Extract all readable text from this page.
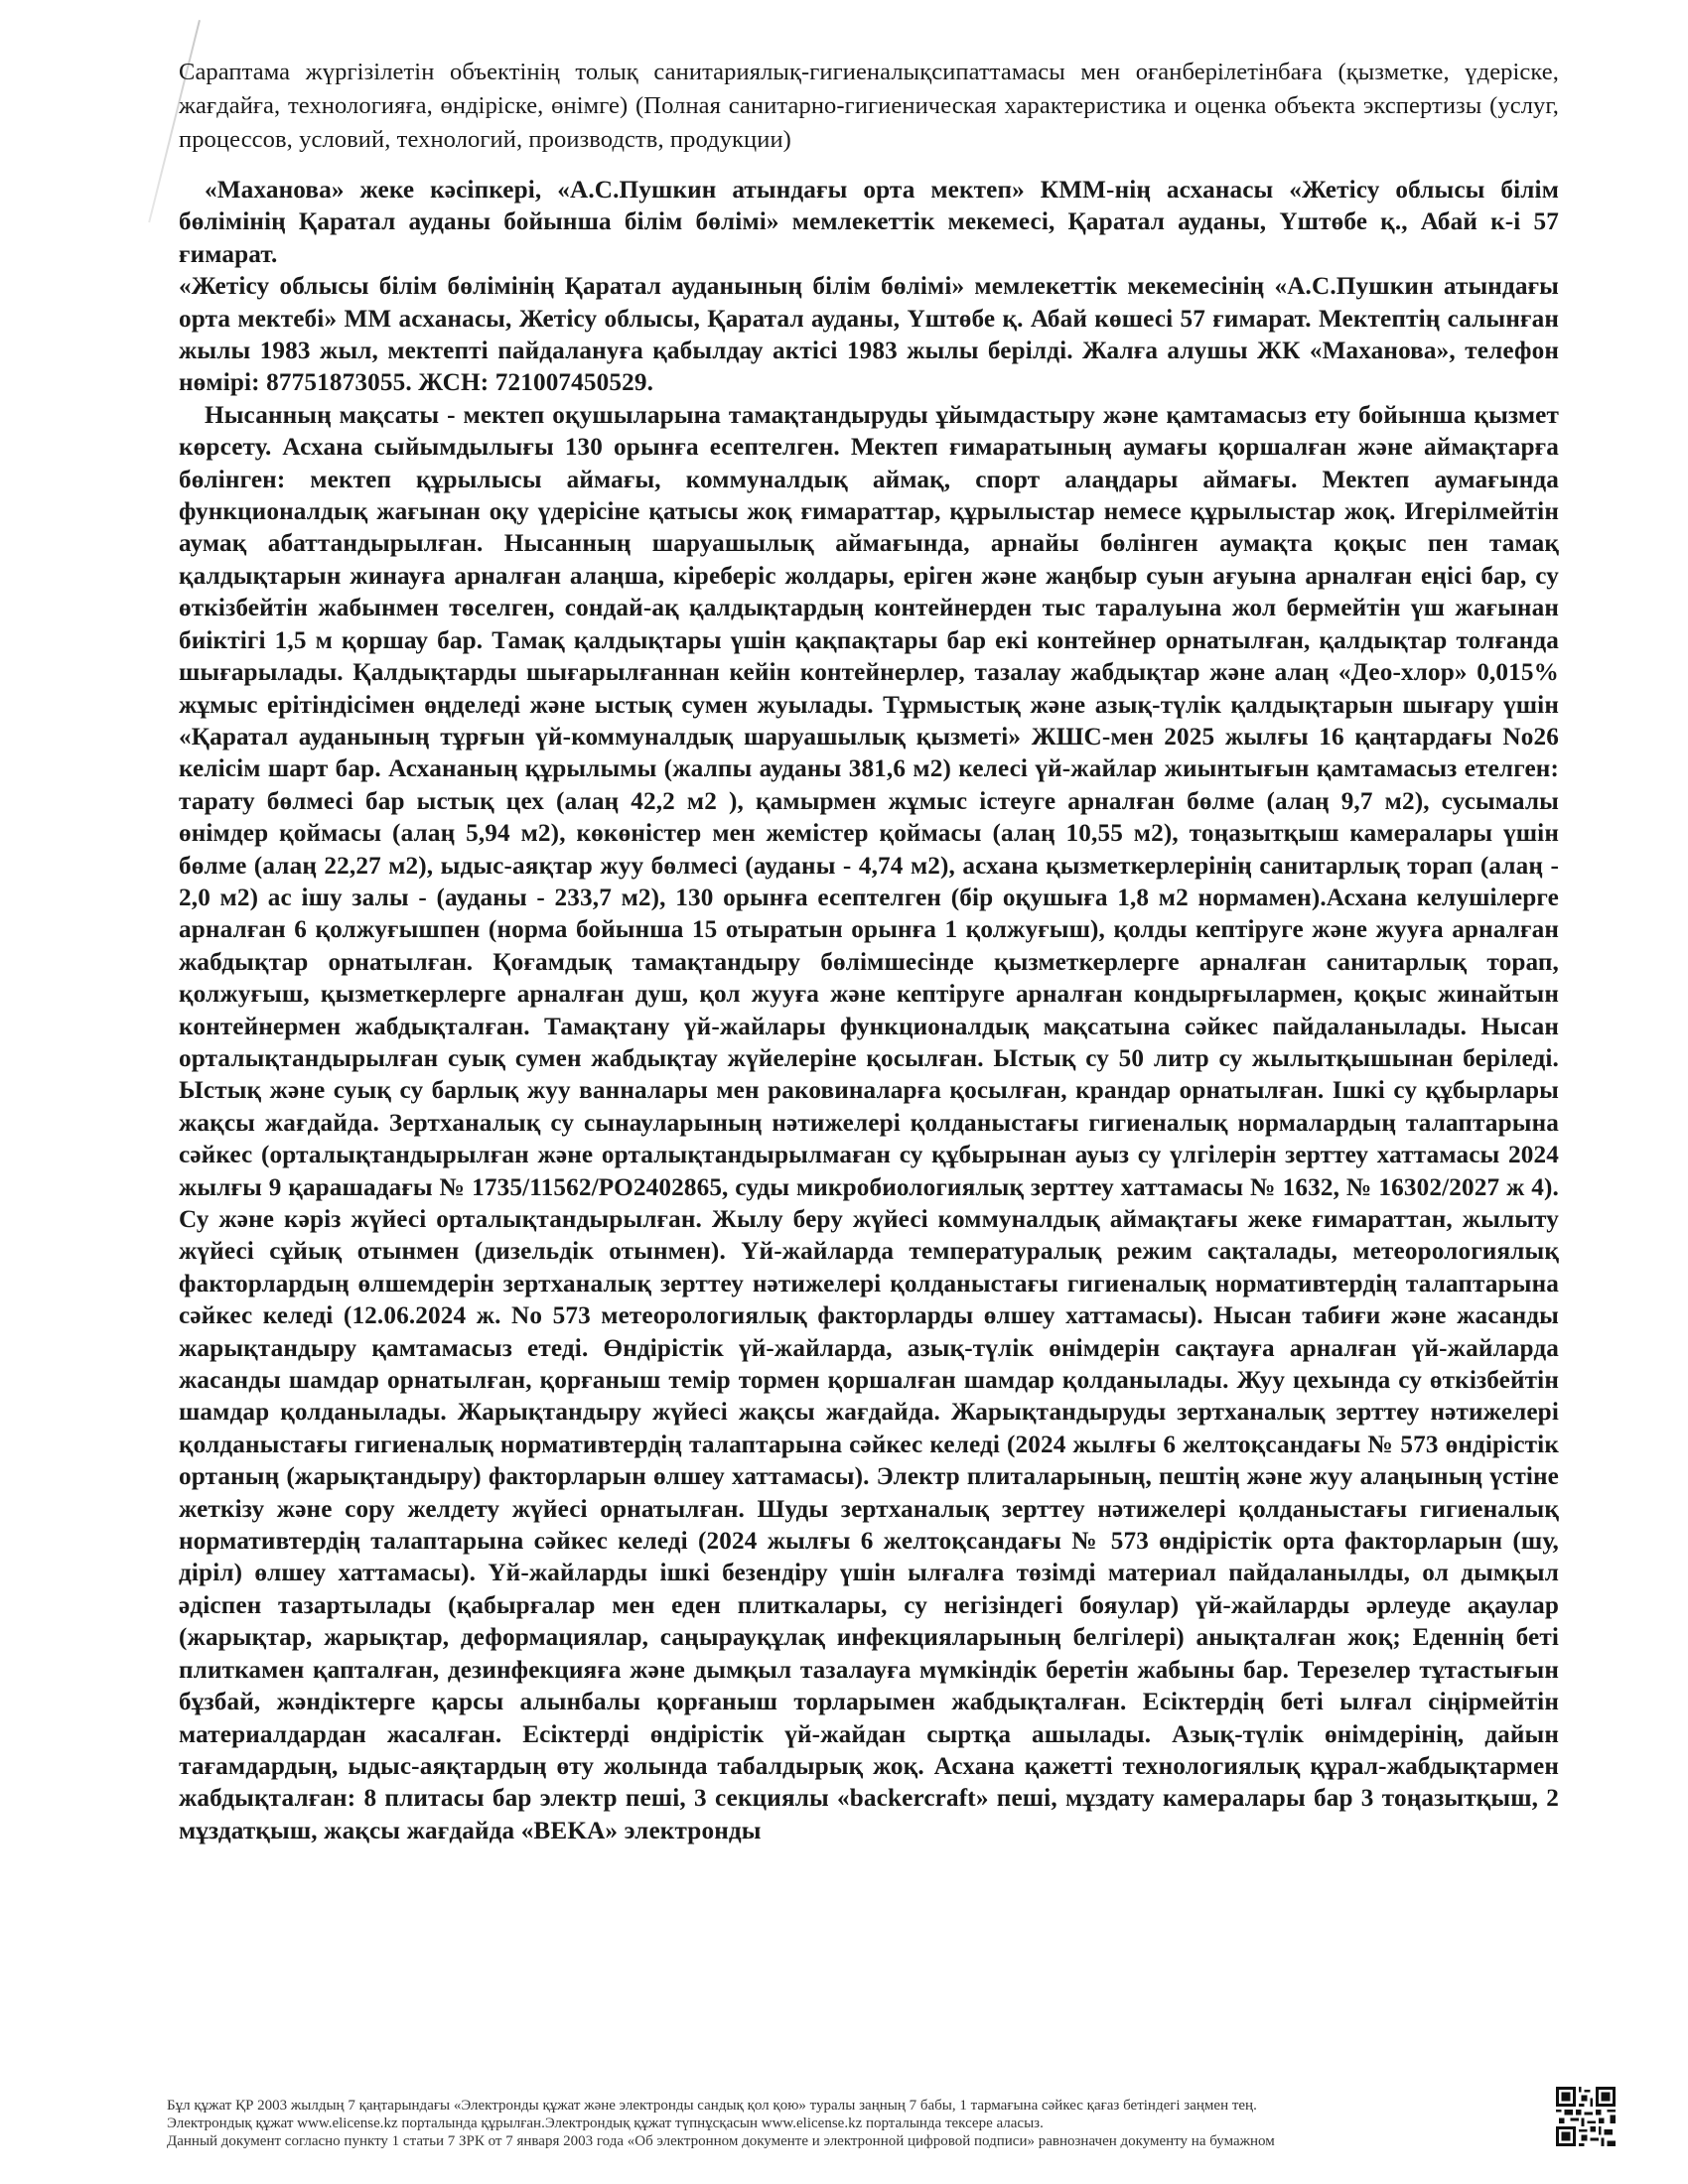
Сараптама жүргізілетін объектінің толық санитариялық-гигиеналықсипаттамасы мен оғанберілетінбаға (қызметке, үдеріске, жағдайға, технологияға, өндіріске, өнімге) (Полная санитарно-гигиеническая характеристика и оценка объекта экспертизы (услуг, процессов, условий, технологий, производств, продукции)

«Маханова» жеке кәсіпкері, «А.С.Пушкин атындағы орта мектеп» КММ-нің асханасы «Жетісу облысы білім бөлімінің Қаратал ауданы бойынша білім бөлімі» мемлекеттік мекемесі, Қаратал ауданы, Үштөбе қ., Абай к-і 57 ғимарат.

«Жетісу облысы білім бөлімінің Қаратал ауданының білім бөлімі» мемлекеттік мекемесінің «А.С.Пушкин атындағы орта мектебі» ММ асханасы, Жетісу облысы, Қаратал ауданы, Үштөбе қ. Абай көшесі 57 ғимарат. Мектептің салынған жылы 1983 жыл, мектепті пайдалануға қабылдау актісі 1983 жылы берілді. Жалға алушы ЖК «Маханова», телефон нөмірі: 87751873055. ЖСН: 721007450529.

Нысанның мақсаты - мектеп оқушыларына тамақтандыруды ұйымдастыру және қамтамасыз ету бойынша қызмет көрсету. Асхана сыйымдылығы 130 орынға есептелген. Мектеп ғимаратының аумағы қоршалған және аймақтарға бөлінген: мектеп құрылысы аймағы, коммуналдық аймақ, спорт алаңдары аймағы. Мектеп аумағында функционалдық жағынан оқу үдерісіне қатысы жоқ ғимараттар, құрылыстар немесе құрылыстар жоқ. Игерілмейтін аумақ абаттандырылған. Нысанның шаруашылық аймағында, арнайы бөлінген аумақта қоқыс пен тамақ қалдықтарын жинауға арналған алаңша, кіреберіс жолдары, еріген және жаңбыр суын ағуына арналған еңісі бар, су өткізбейтін жабынмен төселген, сондай-ақ қалдықтардың контейнерден тыс таралуына жол бермейтін үш жағынан биіктігі 1,5 м қоршау бар. Тамақ қалдықтары үшін қақпақтары бар екі контейнер орнатылған, қалдықтар толғанда шығарылады. Қалдықтарды шығарылғаннан кейін контейнерлер, тазалау жабдықтар және алаң «Део-хлор» 0,015% жұмыс ерітіндісімен өңделеді және ыстық сумен жуылады. Тұрмыстық және азық-түлік қалдықтарын шығару үшін «Қаратал ауданының тұрғын үй-коммуналдық шаруашылық қызметі» ЖШС-мен 2025 жылғы 16 қаңтардағы No26 келісім шарт бар. Асхананың құрылымы (жалпы ауданы 381,6 м2) келесі үй-жайлар жиынтығын қамтамасыз етелген: тарату бөлмесі бар ыстық цех (алаң 42,2 м2 ), қамырмен жұмыс істеуге арналған бөлме (алаң 9,7 м2), сусымалы өнімдер қоймасы (алаң 5,94 м2), көкөністер мен жемістер қоймасы (алаң 10,55 м2), тоңазытқыш камералары үшін бөлме (алаң 22,27 м2), ыдыс-аяқтар жуу бөлмесі (ауданы - 4,74 м2), асхана қызметкерлерінің санитарлық торап (алаң - 2,0 м2) ас ішу залы - (ауданы - 233,7 м2), 130 орынға есептелген (бір оқушыға 1,8 м2 нормамен).Асхана келушілерге арналған 6 қолжуғышпен (норма бойынша 15 отыратын орынға 1 қолжуғыш), қолды кептіруге және жууға арналған жабдықтар орнатылған. Қоғамдық тамақтандыру бөлімшесінде қызметкерлерге арналған санитарлық торап, қолжуғыш, қызметкерлерге арналған душ, қол жууға және кептіруге арналған кондырғылармен, қоқыс жинайтын контейнермен жабдықталған. Тамақтану үй-жайлары функционалдық мақсатына сәйкес пайдаланылады. Нысан орталықтандырылған суық сумен жабдықтау жүйелеріне қосылған. Ыстық су 50 литр су жылытқышынан беріледі. Ыстық және суық су барлық жуу ванналары мен раковиналарға қосылған, крандар орнатылған. Ішкі су құбырлары жақсы жағдайда. Зертханалық су сынауларының нәтижелері қолданыстағы гигиеналық нормалардың талаптарына сәйкес (орталықтандырылған және орталықтандырылмаған су құбырынан ауыз су үлгілерін зерттеу хаттамасы 2024 жылғы 9 қарашадағы № 1735/11562/РО2402865, суды микробиологиялық зерттеу хаттамасы № 1632, № 16302/2027 ж 4). Су және кәріз жүйесі орталықтандырылған. Жылу беру жүйесі коммуналдық аймақтағы жеке ғимараттан, жылыту жүйесі сұйық отынмен (дизельдік отынмен). Үй-жайларда температуралық режим сақталады, метеорологиялық факторлардың өлшемдерін зертханалық зерттеу нәтижелері қолданыстағы гигиеналық нормативтердің талаптарына сәйкес келеді (12.06.2024 ж. No 573 метеорологиялық факторларды өлшеу хаттамасы). Нысан табиғи және жасанды жарықтандыру қамтамасыз етеді. Өндірістік үй-жайларда, азық-түлік өнімдерін сақтауға арналған үй-жайларда жасанды шамдар орнатылған, қорғаныш темір тормен қоршалған шамдар қолданылады. Жуу цехында су өткізбейтін шамдар қолданылады. Жарықтандыру жүйесі жақсы жағдайда. Жарықтандыруды зертханалық зерттеу нәтижелері қолданыстағы гигиеналық нормативтердің талаптарына сәйкес келеді (2024 жылғы 6 желтоқсандағы № 573 өндірістік ортаның (жарықтандыру) факторларын өлшеу хаттамасы). Электр плиталарының, пештің және жуу алаңының үстіне жеткізу және сору желдету жүйесі орнатылған. Шуды зертханалық зерттеу нәтижелері қолданыстағы гигиеналық нормативтердің талаптарына сәйкес келеді (2024 жылғы 6 желтоқсандағы № 573 өндірістік орта факторларын (шу, діріл) өлшеу хаттамасы). Үй-жайларды ішкі безендіру үшін ылғалға төзімді материал пайдаланылды, ол дымқыл әдіспен тазартылады (қабырғалар мен еден плиткалары, су негізіндегі бояулар) үй-жайларды әрлеуде ақаулар (жарықтар, жарықтар, деформациялар, саңырауқұлақ инфекцияларының белгілері) анықталған жоқ; Еденнің беті плиткамен қапталған, дезинфекцияға және дымқыл тазалауға мүмкіндік беретін жабыны бар. Терезелер тұтастығын бұзбай, жәндіктерге қарсы алынбалы қорғаныш торларымен жабдықталған. Есіктердің беті ылғал сіңірмейтін материалдардан жасалған. Есіктерді өндірістік үй-жайдан сыртқа ашылады. Азық-түлік өнімдерінің, дайын тағамдардың, ыдыс-аяқтардың өту жолында табалдырық жоқ. Асхана қажетті технологиялық құрал-жабдықтармен жабдықталған: 8 плитасы бар электр пеші, 3 секциялы «backercraft» пеші, мұздату камералары бар 3 тоңазытқыш, 2 мұздатқыш, жақсы жағдайда «BEKA» электронды

Бұл құжат ҚР 2003 жылдың 7 қаңтарындағы «Электронды құжат және электронды сандық қол қою» туралы заңның 7 бабы, 1 тармағына сәйкес қағаз бетіндегі заңмен тең.

Электрондық құжат www.elicense.kz порталында құрылған.Электрондық құжат түпнұсқасын www.elicense.kz порталында тексере аласыз.

Данный документ согласно пункту 1 статьи 7 ЗРК от 7 января 2003 года «Об электронном документе и электронной цифровой подписи» равнозначен документу на бумажном
